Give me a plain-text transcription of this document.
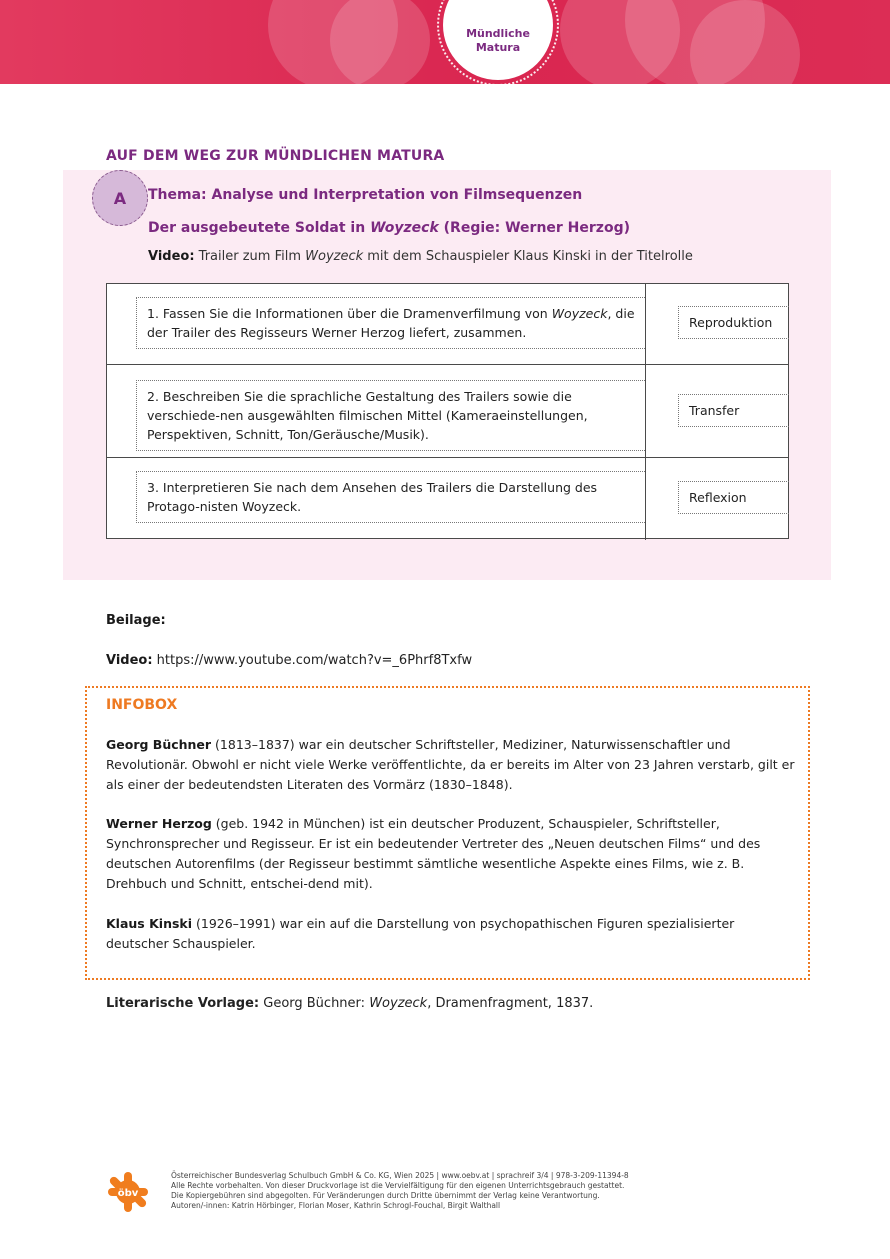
Mündliche
Matura
AUF DEM WEG ZUR MÜNDLICHEN MATURA
A Thema: Analyse und Interpretation von Filmsequenzen
Der ausgebeutete Soldat in Woyzeck (Regie: Werner Herzog)
Video: Trailer zum Film Woyzeck mit dem Schauspieler Klaus Kinski in der Titelrolle
1. Fassen Sie die Informationen über die Dramenverfilmung von Woyzeck, die der Trailer des Regisseurs Werner Herzog liefert, zusammen.
Reproduktion
2. Beschreiben Sie die sprachliche Gestaltung des Trailers sowie die verschiede-nen ausgewählten filmischen Mittel (Kameraeinstellungen, Perspektiven, Schnitt, Ton/Geräusche/Musik).
Transfer
3. Interpretieren Sie nach dem Ansehen des Trailers die Darstellung des Protago-nisten Woyzeck.
Reflexion
Beilage:
Video: https://www.youtube.com/watch?v=_6Phrf8Txfw
INFOBOX
Georg Büchner (1813–1837) war ein deutscher Schriftsteller, Mediziner, Naturwissenschaftler und Revolutionär. Obwohl er nicht viele Werke veröffentlichte, da er bereits im Alter von 23 Jahren verstarb, gilt er als einer der bedeutendsten Literaten des Vormärz (1830–1848).
Werner Herzog (geb. 1942 in München) ist ein deutscher Produzent, Schauspieler, Schriftsteller, Synchronsprecher und Regisseur. Er ist ein bedeutender Vertreter des „Neuen deutschen Films“ und des deutschen Autorenfilms (der Regisseur bestimmt sämtliche wesentliche Aspekte eines Films, wie z. B. Drehbuch und Schnitt, entschei-dend mit).
Klaus Kinski (1926–1991) war ein auf die Darstellung von psychopathischen Figuren spezialisierter deutscher Schauspieler.
Literarische Vorlage: Georg Büchner: Woyzeck, Dramenfragment, 1837.
öbv
Österreichischer Bundesverlag Schulbuch GmbH & Co. KG, Wien 2025 | www.oebv.at | sprachreif 3/4 | 978-3-209-11394-8
Alle Rechte vorbehalten. Von dieser Druckvorlage ist die Vervielfältigung für den eigenen Unterrichtsgebrauch gestattet.
Die Kopiergebühren sind abgegolten. Für Veränderungen durch Dritte übernimmt der Verlag keine Verantwortung.
Autoren/-innen: Katrin Hörbinger, Florian Moser, Kathrin Schrogl-Fouchal, Birgit Walthall
